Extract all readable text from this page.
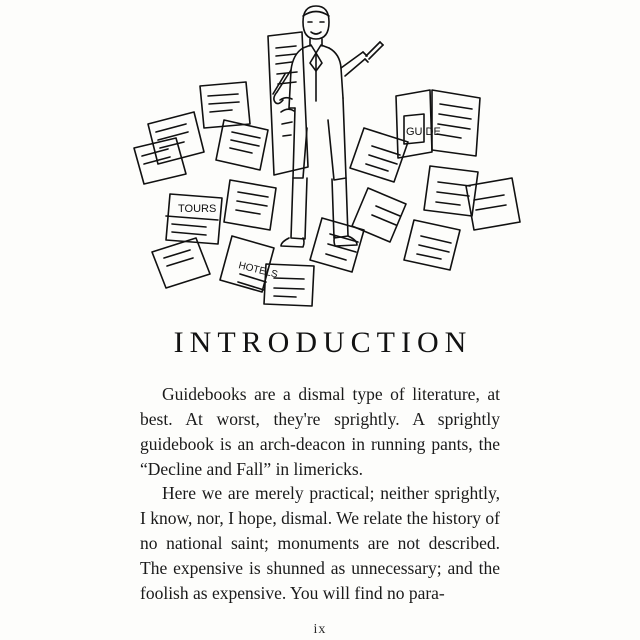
TOURS
HOTELS
GUIDE
INTRODUCTION

Guidebooks are a dismal type of literature, at best. At worst, they're sprightly. A sprightly guidebook is an arch-deacon in running pants, the “Decline and Fall” in limericks.

Here we are merely practical; neither sprightly, I know, nor, I hope, dismal. We relate the history of no national saint; monuments are not described. The expensive is shunned as unnecessary; and the foolish as expensive. You will find no para-

ix
